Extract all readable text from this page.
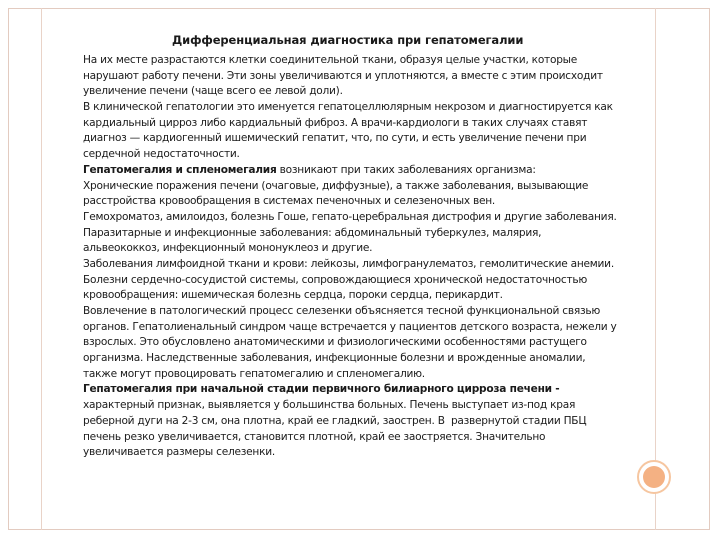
Дифференциальная диагностика при гепатомегалии
На их месте разрастаются клетки соединительной ткани, образуя целые участки, которые
нарушают работу печени. Эти зоны увеличиваются и уплотняются, а вместе с этим происходит
увеличение печени (чаще всего ее левой доли).
В клинической гепатологии это именуется гепатоцеллюлярным некрозом и диагностируется как
кардиальный цирроз либо кардиальный фиброз. А врачи-кардиологи в таких случаях ставят
диагноз — кардиогенный ишемический гепатит, что, по сути, и есть увеличение печени при
сердечной недостаточности.
Гепатомегалия и спленомегалия возникают при таких заболеваниях организма:
Хронические поражения печени (очаговые, диффузные), а также заболевания, вызывающие
расстройства кровообращения в системах печеночных и селезеночных вен.
Гемохроматоз, амилоидоз, болезнь Гоше, гепато-церебральная дистрофия и другие заболевания.
Паразитарные и инфекционные заболевания: абдоминальный туберкулез, малярия,
альвеококкоз, инфекционный мононуклеоз и другие.
Заболевания лимфоидной ткани и крови: лейкозы, лимфогранулематоз, гемолитические анемии.
Болезни сердечно-сосудистой системы, сопровождающиеся хронической недостаточностью
кровообращения: ишемическая болезнь сердца, пороки сердца, перикардит.
Вовлечение в патологический процесс селезенки объясняется тесной функциональной связью
органов. Гепатолиенальный синдром чаще встречается у пациентов детского возраста, нежели у
взрослых. Это обусловлено анатомическими и физиологическими особенностями растущего
организма. Наследственные заболевания, инфекционные болезни и врожденные аномалии,
также могут провоцировать гепатомегалию и спленомегалию.
Гепатомегалия при начальной стадии первичного билиарного цирроза печени -
характерный признак, выявляется у большинства больных. Печень выступает из-под края
реберной дуги на 2-3 см, она плотна, край ее гладкий, заострен. В  развернутой стадии ПБЦ
печень резко увеличивается, становится плотной, край ее заостряется. Значительно
увеличивается размеры селезенки.
